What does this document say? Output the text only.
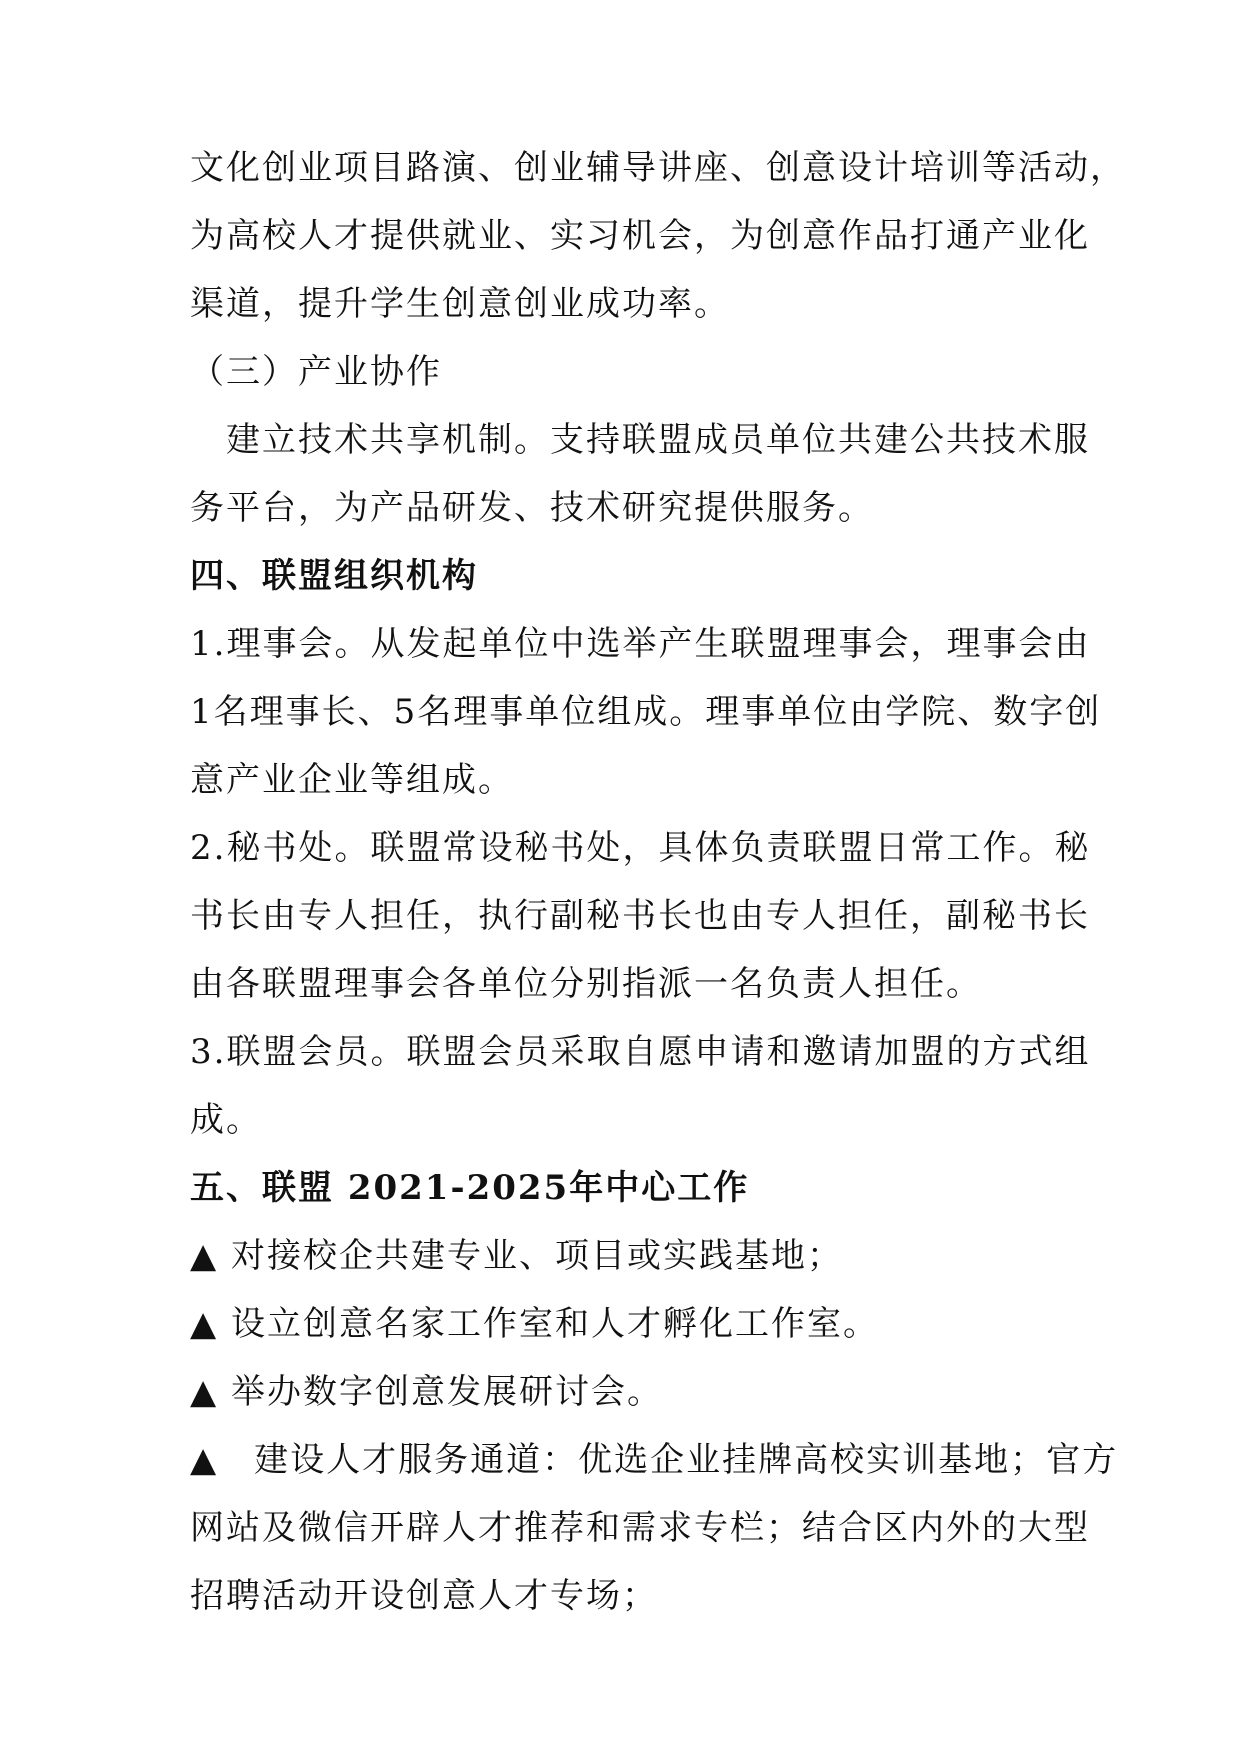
文化创业项目路演、创业辅导讲座、创意设计培训等活动，
为高校人才提供就业、实习机会，为创意作品打通产业化
渠道，提升学生创意创业成功率。
（三）产业协作
　建立技术共享机制。支持联盟成员单位共建公共技术服
务平台，为产品研发、技术研究提供服务。
四、联盟组织机构
1.理事会。从发起单位中选举产生联盟理事会，理事会由
1名理事长、5名理事单位组成。理事单位由学院、数字创
意产业企业等组成。
2.秘书处。联盟常设秘书处，具体负责联盟日常工作。秘
书长由专人担任，执行副秘书长也由专人担任，副秘书长
由各联盟理事会各单位分别指派一名负责人担任。
3.联盟会员。联盟会员采取自愿申请和邀请加盟的方式组
成。
五、联盟 2021-2025年中心工作
▲ 对接校企共建专业、项目或实践基地；
▲ 设立创意名家工作室和人才孵化工作室。
▲ 举办数字创意发展研讨会。
▲　建设人才服务通道：优选企业挂牌高校实训基地；官方
网站及微信开辟人才推荐和需求专栏；结合区内外的大型
招聘活动开设创意人才专场；
